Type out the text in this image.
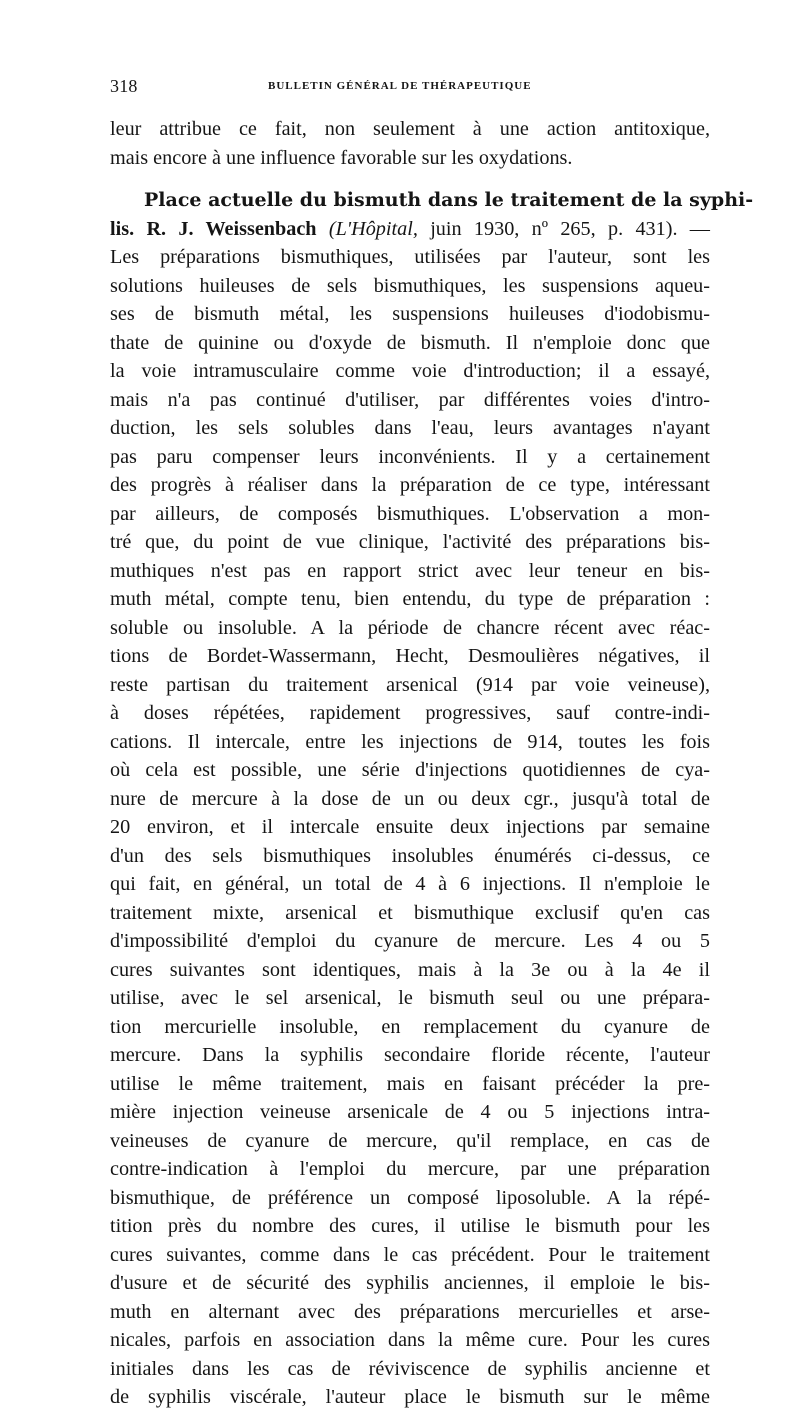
318	BULLETIN GÉNÉRAL DE THÉRAPEUTIQUE
leur attribue ce fait, non seulement à une action antitoxique,
mais encore à une influence favorable sur les oxydations.
Place actuelle du bismuth dans le traitement de la syphi-
lis. R. J. Weissenbach (L'Hôpital, juin 1930, nº 265, p. 431). —
Les préparations bismuthiques, utilisées par l'auteur, sont les
solutions huileuses de sels bismuthiques, les suspensions aqueu-
ses de bismuth métal, les suspensions huileuses d'iodobismu-
thate de quinine ou d'oxyde de bismuth. Il n'emploie donc que
la voie intramusculaire comme voie d'introduction; il a essayé,
mais n'a pas continué d'utiliser, par différentes voies d'intro-
duction, les sels solubles dans l'eau, leurs avantages n'ayant
pas paru compenser leurs inconvénients. Il y a certainement
des progrès à réaliser dans la préparation de ce type, intéressant
par ailleurs, de composés bismuthiques. L'observation a mon-
tré que, du point de vue clinique, l'activité des préparations bis-
muthiques n'est pas en rapport strict avec leur teneur en bis-
muth métal, compte tenu, bien entendu, du type de préparation :
soluble ou insoluble. A la période de chancre récent avec réac-
tions de Bordet-Wassermann, Hecht, Desmoulières négatives, il
reste partisan du traitement arsenical (914 par voie veineuse),
à doses répétées, rapidement progressives, sauf contre-indi-
cations. Il intercale, entre les injections de 914, toutes les fois
où cela est possible, une série d'injections quotidiennes de cya-
nure de mercure à la dose de un ou deux cgr., jusqu'à total de
20 environ, et il intercale ensuite deux injections par semaine
d'un des sels bismuthiques insolubles énumérés ci-dessus, ce
qui fait, en général, un total de 4 à 6 injections. Il n'emploie le
traitement mixte, arsenical et bismuthique exclusif qu'en cas
d'impossibilité d'emploi du cyanure de mercure. Les 4 ou 5
cures suivantes sont identiques, mais à la 3e ou à la 4e il
utilise, avec le sel arsenical, le bismuth seul ou une prépara-
tion mercurielle insoluble, en remplacement du cyanure de
mercure. Dans la syphilis secondaire floride récente, l'auteur
utilise le même traitement, mais en faisant précéder la pre-
mière injection veineuse arsenicale de 4 ou 5 injections intra-
veineuses de cyanure de mercure, qu'il remplace, en cas de
contre-indication à l'emploi du mercure, par une préparation
bismuthique, de préférence un composé liposoluble. A la répé-
tition près du nombre des cures, il utilise le bismuth pour les
cures suivantes, comme dans le cas précédent. Pour le traitement
d'usure et de sécurité des syphilis anciennes, il emploie le bis-
muth en alternant avec des préparations mercurielles et arse-
nicales, parfois en association dans la même cure. Pour les cures
initiales dans les cas de réviviscence de syphilis ancienne et
de syphilis viscérale, l'auteur place le bismuth sur le même
